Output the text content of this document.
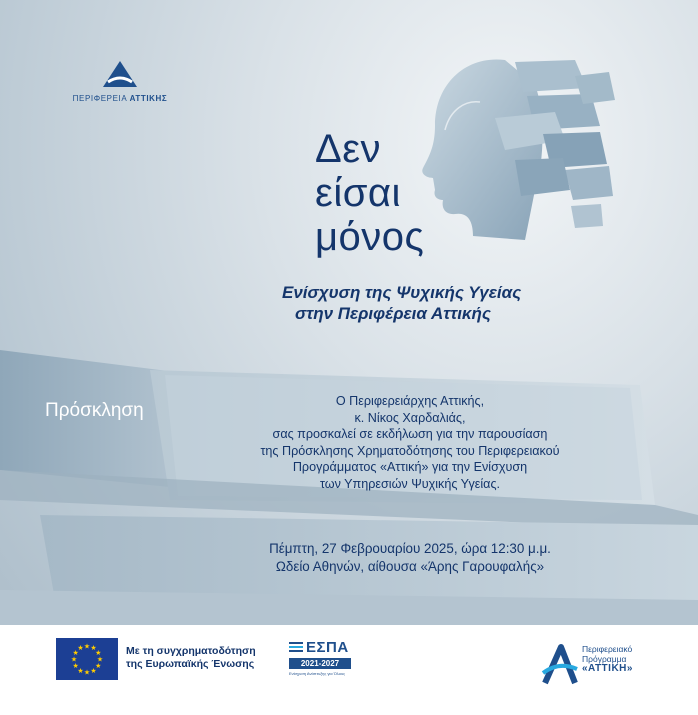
ΠΕΡΙΦΕΡΕΙΑ ΑΤΤΙΚΗΣ
Δεν
είσαι
μόνος
Ενίσχυση της Ψυχικής Υγείας
στην Περιφέρεια Αττικής
Πρόσκληση	Ο Περιφερειάρχης Αττικής,
κ. Νίκος Χαρδαλιάς,
σας προσκαλεί σε εκδήλωση για την παρουσίαση
της Πρόσκλησης Χρηματοδότησης του Περιφερειακού
Προγράμματος «Αττική» για την Ενίσχυση
των Υπηρεσιών Ψυχικής Υγείας.
Πέμπτη, 27 Φεβρουαρίου 2025, ώρα 12:30 μ.μ.
Ωδείο Αθηνών, αίθουσα «Άρης Γαρουφαλής»
★ ★
★
★
★
★
★
★
★
★
★
★	Με τη συγχρηματοδότηση
της Ευρωπαϊκής Ένωσης
ΕΣΠΑ
2021-2027
Ενίσχυση Ανάπτυξης για Όλους
Περιφερειακό
Πρόγραμμα
«ΑΤΤΙΚΗ»
